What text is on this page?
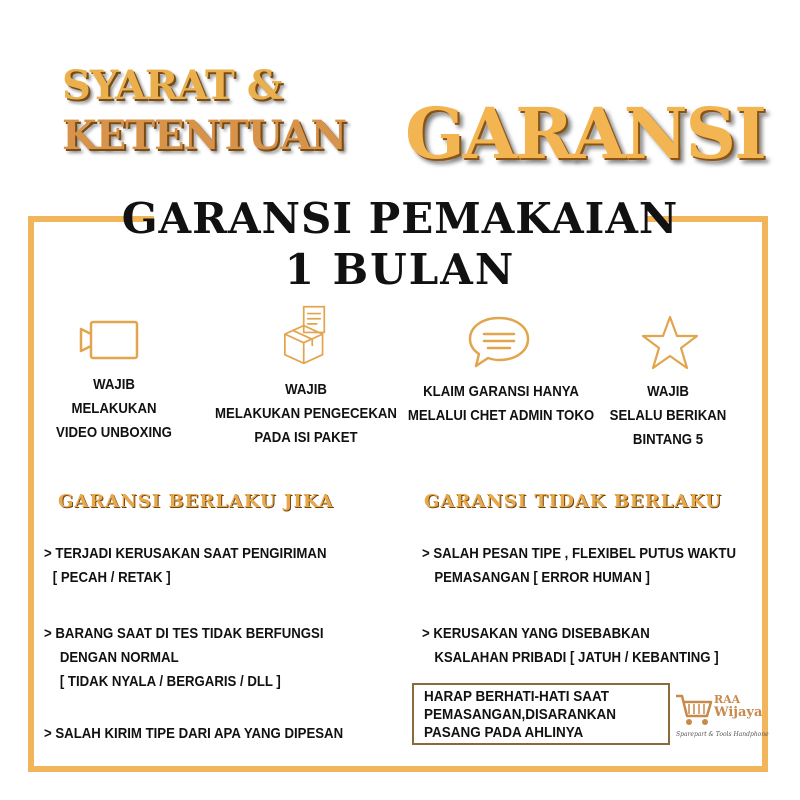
SYARAT &
KETENTUAN GARANSI
GARANSI PEMAKAIAN
1 BULAN
WAJIB
MELAKUKAN
VIDEO UNBOXING
WAJIB
MELAKUKAN PENGECEKAN
PADA ISI PAKET
KLAIM GARANSI HANYA
MELALUI CHET ADMIN TOKO
WAJIB
SELALU BERIKAN
BINTANG 5
GARANSI BERLAKU JIKA	GARANSI TIDAK BERLAKU
> TERJADI KERUSAKAN SAAT PENGIRIMAN
[ PECAH / RETAK ]
> BARANG SAAT DI TES TIDAK BERFUNGSI
DENGAN NORMAL
[ TIDAK NYALA / BERGARIS / DLL ]
> SALAH KIRIM TIPE DARI APA YANG DIPESAN
> SALAH PESAN TIPE , FLEXIBEL PUTUS WAKTU
PEMASANGAN [ ERROR HUMAN ]
> KERUSAKAN YANG DISEBABKAN
KSALAHAN PRIBADI [ JATUH / KEBANTING ]
HARAP BERHATI-HATI SAAT
PEMASANGAN,DISARANKAN
PASANG PADA AHLINYA
RAA
Wijaya
Sparepart & Tools Handphone
